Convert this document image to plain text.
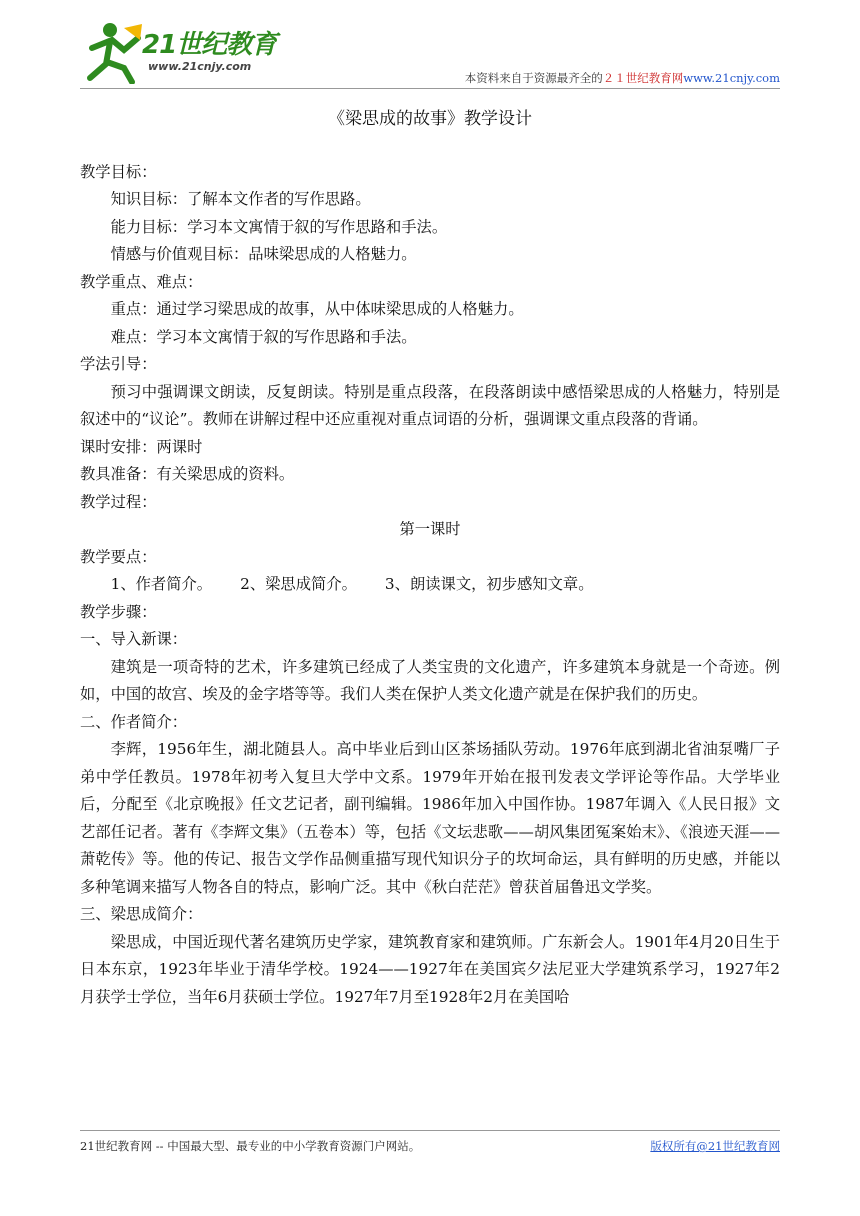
21世纪教育
www.21cnjy.com
本资料来自于资源最齐全的２１世纪教育网www.21cnjy.com

《梁思成的故事》教学设计

教学目标：

知识目标：了解本文作者的写作思路。

能力目标：学习本文寓情于叙的写作思路和手法。

情感与价值观目标：品味梁思成的人格魅力。

教学重点、难点：

重点：通过学习梁思成的故事，从中体味梁思成的人格魅力。

难点：学习本文寓情于叙的写作思路和手法。

学法引导：

预习中强调课文朗读，反复朗读。特别是重点段落，在段落朗读中感悟梁思成的人格魅力，特别是叙述中的“议论”。教师在讲解过程中还应重视对重点词语的分析，强调课文重点段落的背诵。

课时安排：两课时

教具准备：有关梁思成的资料。

教学过程：

第一课时

教学要点：

1、作者简介。 2、梁思成简介。 3、朗读课文，初步感知文章。

教学步骤：

一、导入新课：

建筑是一项奇特的艺术，许多建筑已经成了人类宝贵的文化遗产，许多建筑本身就是一个奇迹。例如，中国的故宫、埃及的金字塔等等。我们人类在保护人类文化遗产就是在保护我们的历史。

二、作者简介：

李辉，1956年生，湖北随县人。高中毕业后到山区茶场插队劳动。1976年底到湖北省油泵嘴厂子弟中学任教员。1978年初考入复旦大学中文系。1979年开始在报刊发表文学评论等作品。大学毕业后，分配至《北京晚报》任文艺记者，副刊编辑。1986年加入中国作协。1987年调入《人民日报》文艺部任记者。著有《李辉文集》（五卷本）等，包括《文坛悲歌——胡风集团冤案始末》、《浪迹天涯——萧乾传》等。他的传记、报告文学作品侧重描写现代知识分子的坎坷命运，具有鲜明的历史感，并能以多种笔调来描写人物各自的特点，影响广泛。其中《秋白茫茫》曾获首届鲁迅文学奖。

三、梁思成简介：

梁思成，中国近现代著名建筑历史学家，建筑教育家和建筑师。广东新会人。1901年4月20日生于日本东京，1923年毕业于清华学校。1924——1927年在美国宾夕法尼亚大学建筑系学习，1927年2月获学士学位，当年6月获硕士学位。1927年7月至1928年2月在美国哈

21世纪教育网 -- 中国最大型、最专业的中小学教育资源门户网站。	版权所有@21世纪教育网
